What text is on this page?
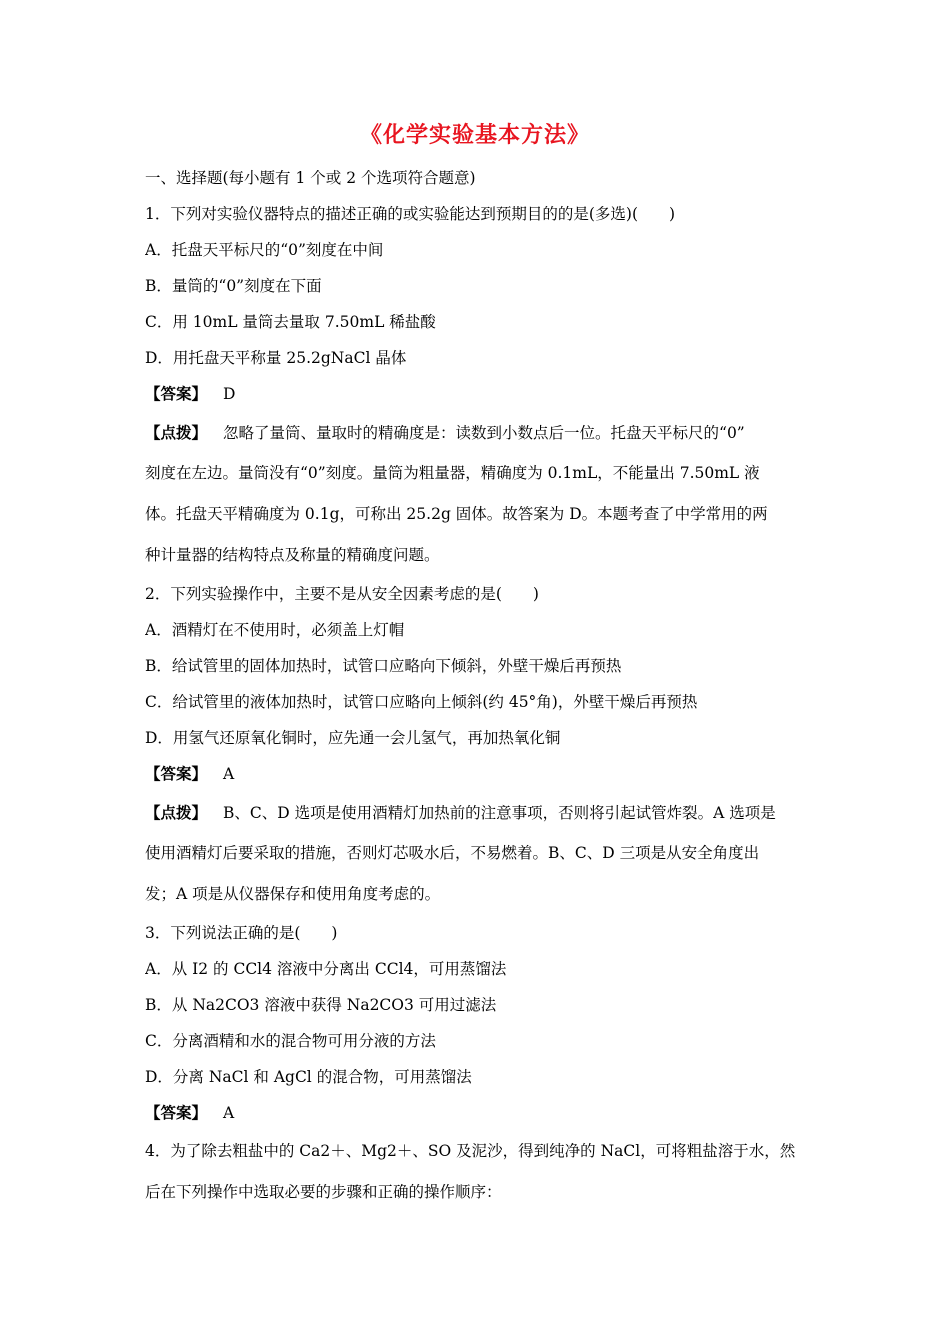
《化学实验基本方法》
一、选择题(每小题有 1 个或 2 个选项符合题意)
1．下列对实验仪器特点的描述正确的或实验能达到预期目的的是(多选)(　　)
A．托盘天平标尺的“0”刻度在中间
B．量筒的“0”刻度在下面
C．用 10mL 量筒去量取 7.50mL 稀盐酸
D．用托盘天平称量 25.2gNaCl 晶体
【答案】 D
【点拨】 忽略了量筒、量取时的精确度是：读数到小数点后一位。托盘天平标尺的“0”
刻度在左边。量筒没有“0”刻度。量筒为粗量器，精确度为 0.1mL，不能量出 7.50mL 液
体。托盘天平精确度为 0.1g，可称出 25.2g 固体。故答案为 D。本题考查了中学常用的两
种计量器的结构特点及称量的精确度问题。
2．下列实验操作中，主要不是从安全因素考虑的是(　　)
A．酒精灯在不使用时，必须盖上灯帽
B．给试管里的固体加热时，试管口应略向下倾斜，外壁干燥后再预热
C．给试管里的液体加热时，试管口应略向上倾斜(约 45°角)，外壁干燥后再预热
D．用氢气还原氧化铜时，应先通一会儿氢气，再加热氧化铜
【答案】 A
【点拨】 B、C、D 选项是使用酒精灯加热前的注意事项，否则将引起试管炸裂。A 选项是
使用酒精灯后要采取的措施，否则灯芯吸水后，不易燃着。B、C、D 三项是从安全角度出
发；A 项是从仪器保存和使用角度考虑的。
3．下列说法正确的是(　　)
A．从 I2 的 CCl4 溶液中分离出 CCl4，可用蒸馏法
B．从 Na2CO3 溶液中获得 Na2CO3 可用过滤法
C．分离酒精和水的混合物可用分液的方法
D．分离 NaCl 和 AgCl 的混合物，可用蒸馏法
【答案】 A
4．为了除去粗盐中的 Ca2＋、Mg2＋、SO 及泥沙，得到纯净的 NaCl，可将粗盐溶于水，然
后在下列操作中选取必要的步骤和正确的操作顺序：
